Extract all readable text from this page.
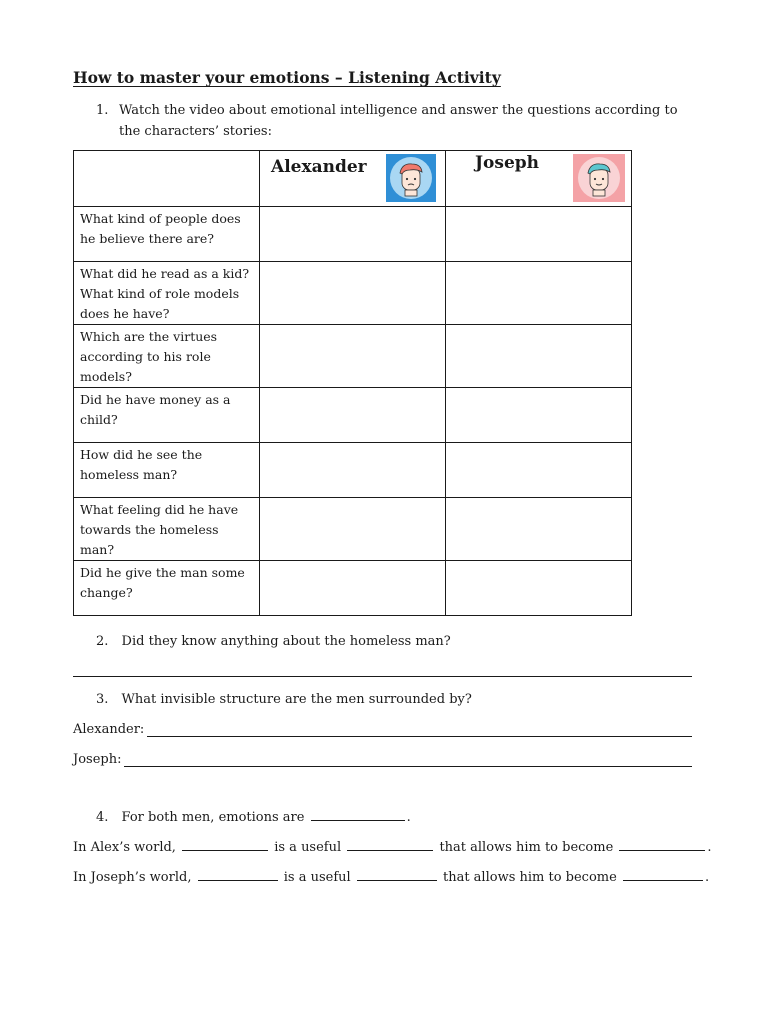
How to master your emotions – Listening Activity
1. Watch the video about emotional intelligence and answer the questions according to the characters’ stories:

	Alexander	Joseph

What kind of people does he believe there are?		
What did he read as a kid? What kind of role models does he have?		
Which are the virtues according to his role models?		
Did he have money as a child?		
How did he see the homeless man?		
What feeling did he have towards the homeless man?		
Did he give the man some change?		
2. Did they know anything about the homeless man?
3. What invisible structure are the men surrounded by?
Alexander:
Joseph:
4. For both men, emotions are	.
In Alex’s world,	is a useful	that allows him to become	.
In Joseph’s world,	is a useful	that allows him to become	.
